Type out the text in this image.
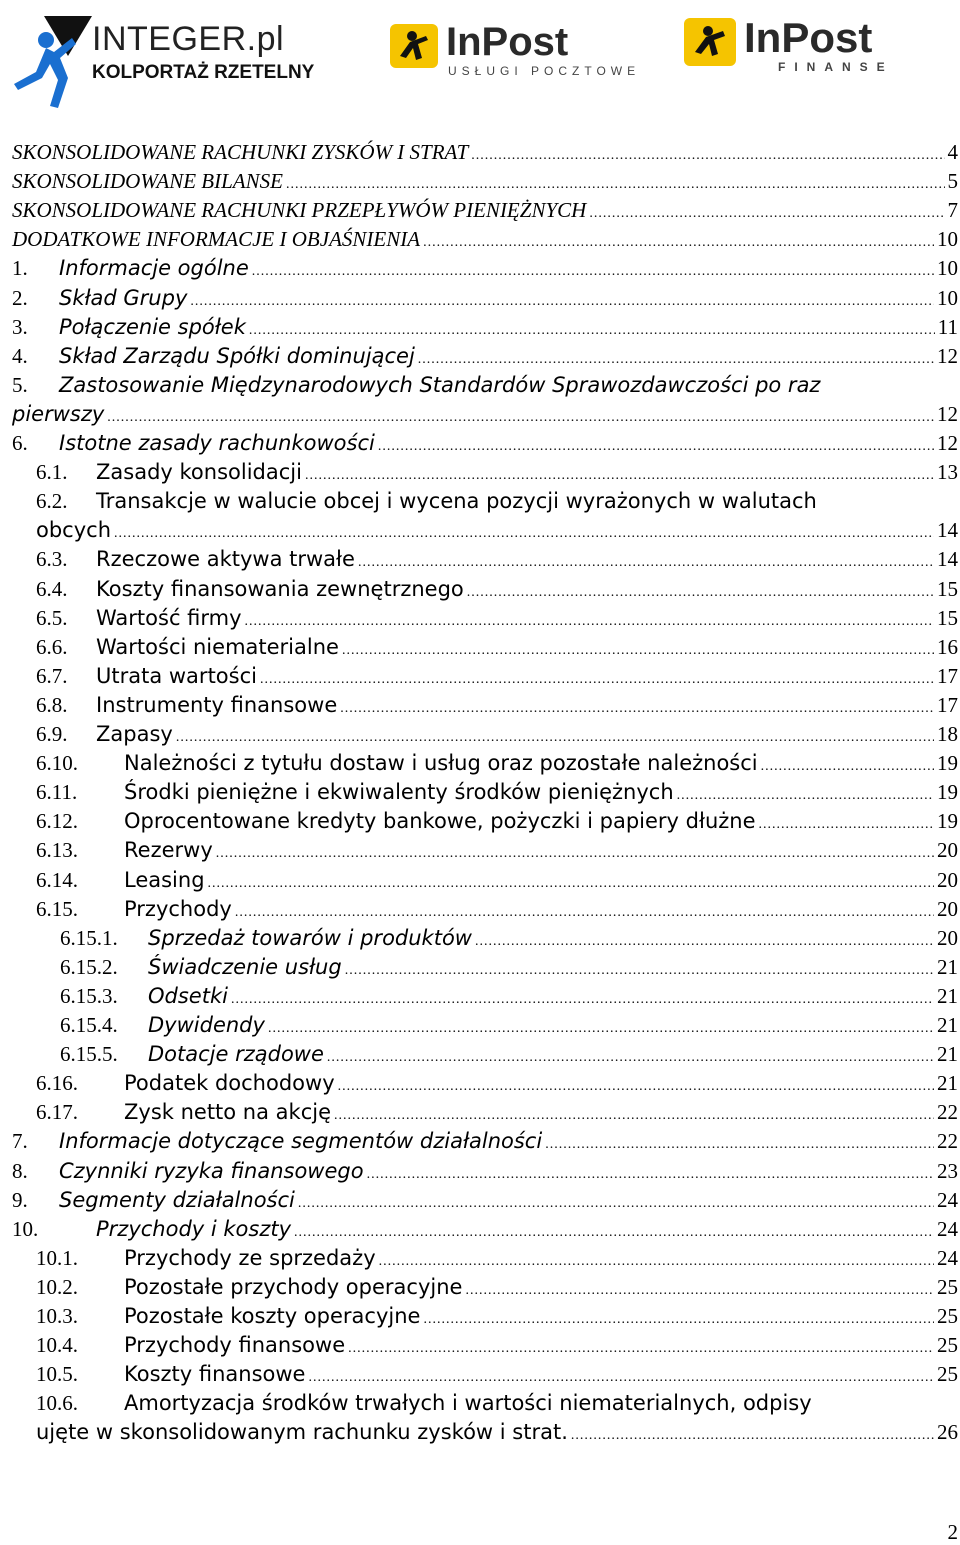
INTEGER.pl
KOLPORTAŻ RZETELNY
InPost
USŁUGI POCZTOWE
InPost
FINANSE
SKONSOLIDOWANE RACHUNKI ZYSKÓW I STRAT .....	4
SKONSOLIDOWANE BILANSE .....	5
SKONSOLIDOWANE RACHUNKI PRZEPŁYWÓW PIENIĘŻNYCH .....	7
DODATKOWE INFORMACJE I OBJAŚNIENIA .....	10
1.	Informacje ogólne .....	10
2.	Skład Grupy .....	10
3.	Połączenie spółek .....	11
4.	Skład Zarządu Spółki dominującej .....	12
5.	Zastosowanie Międzynarodowych Standardów Sprawozdawczości po raz
pierwszy .....	12
6.	Istotne zasady rachunkowości .....	12
6.1.	Zasady konsolidacji .....	13
6.2.	Transakcje w walucie obcej i wycena pozycji wyrażonych w walutach
obcych .....	14
6.3.	Rzeczowe aktywa trwałe .....	14
6.4.	Koszty finansowania zewnętrznego .....	15
6.5.	Wartość firmy .....	15
6.6.	Wartości niematerialne .....	16
6.7.	Utrata wartości .....	17
6.8.	Instrumenty finansowe .....	17
6.9.	Zapasy .....	18
6.10.	Należności z tytułu dostaw i usług oraz pozostałe należności .....	19
6.11.	Środki pieniężne i ekwiwalenty środków pieniężnych .....	19
6.12.	Oprocentowane kredyty bankowe, pożyczki i papiery dłużne .....	19
6.13.	Rezerwy .....	20
6.14.	Leasing .....	20
6.15.	Przychody .....	20
6.15.1.	Sprzedaż towarów i produktów .....	20
6.15.2.	Świadczenie usług .....	21
6.15.3.	Odsetki .....	21
6.15.4.	Dywidendy .....	21
6.15.5.	Dotacje rządowe .....	21
6.16.	Podatek dochodowy .....	21
6.17.	Zysk netto na akcję .....	22
7.	Informacje dotyczące segmentów działalności .....	22
8.	Czynniki ryzyka finansowego .....	23
9.	Segmenty działalności .....	24
10.	Przychody i koszty .....	24
10.1.	Przychody ze sprzedaży .....	24
10.2.	Pozostałe przychody operacyjne .....	25
10.3.	Pozostałe koszty operacyjne .....	25
10.4.	Przychody finansowe .....	25
10.5.	Koszty finansowe .....	25
10.6.	Amortyzacja środków trwałych i wartości niematerialnych, odpisy
ujęte w skonsolidowanym rachunku zysków i strat. .....	26
2
